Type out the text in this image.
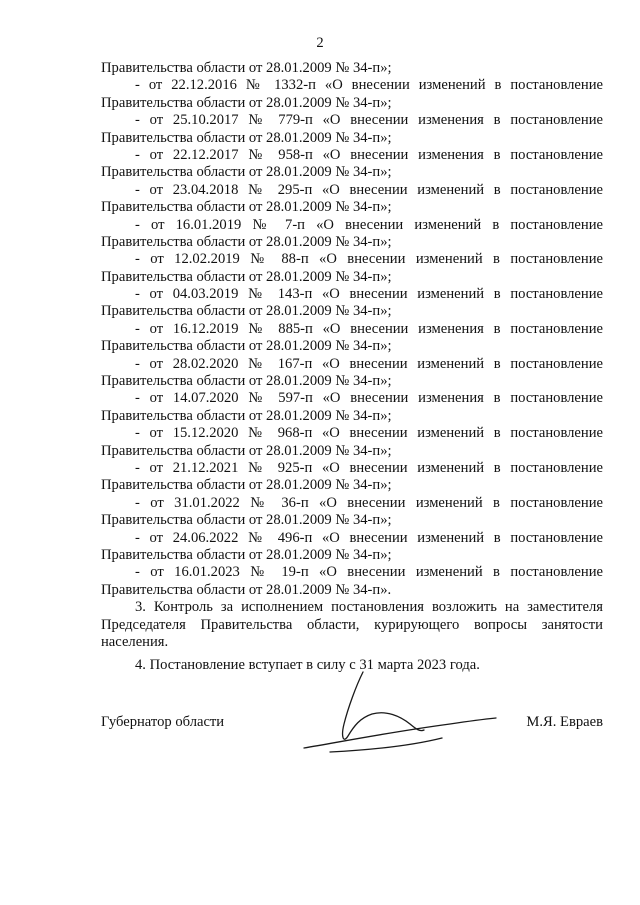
2
Правительства области от 28.01.2009 № 34-п»;
- от 22.12.2016 № 1332-п «О внесении изменений в постановление
Правительства области от 28.01.2009 № 34-п»;
- от 25.10.2017 № 779-п «О внесении изменения в постановление
Правительства области от 28.01.2009 № 34-п»;
- от 22.12.2017 № 958-п «О внесении изменения в постановление
Правительства области от 28.01.2009 № 34-п»;
- от 23.04.2018 № 295-п «О внесении изменений в постановление
Правительства области от 28.01.2009 № 34-п»;
- от 16.01.2019 № 7-п «О внесении изменений в постановление
Правительства области от 28.01.2009 № 34-п»;
- от 12.02.2019 № 88-п «О внесении изменений в постановление
Правительства области от 28.01.2009 № 34-п»;
- от 04.03.2019 № 143-п «О внесении изменений в постановление
Правительства области от 28.01.2009 № 34-п»;
- от 16.12.2019 № 885-п «О внесении изменения в постановление
Правительства области от 28.01.2009 № 34-п»;
- от 28.02.2020 № 167-п «О внесении изменений в постановление
Правительства области от 28.01.2009 № 34-п»;
- от 14.07.2020 № 597-п «О внесении изменения в постановление
Правительства области от 28.01.2009 № 34-п»;
- от 15.12.2020 № 968-п «О внесении изменений в постановление
Правительства области от 28.01.2009 № 34-п»;
- от 21.12.2021 № 925-п «О внесении изменений в постановление
Правительства области от 28.01.2009 № 34-п»;
- от 31.01.2022 № 36-п «О внесении изменений в постановление
Правительства области от 28.01.2009 № 34-п»;
- от 24.06.2022 № 496-п «О внесении изменений в постановление
Правительства области от 28.01.2009 № 34-п»;
- от 16.01.2023 № 19-п «О внесении изменений в постановление
Правительства области от 28.01.2009 № 34-п».
3. Контроль за исполнением постановления возложить на заместителя
Председателя Правительства области, курирующего вопросы занятости
населения.
4. Постановление вступает в силу с 31 марта 2023 года.
Губернатор области	М.Я. Евраев
